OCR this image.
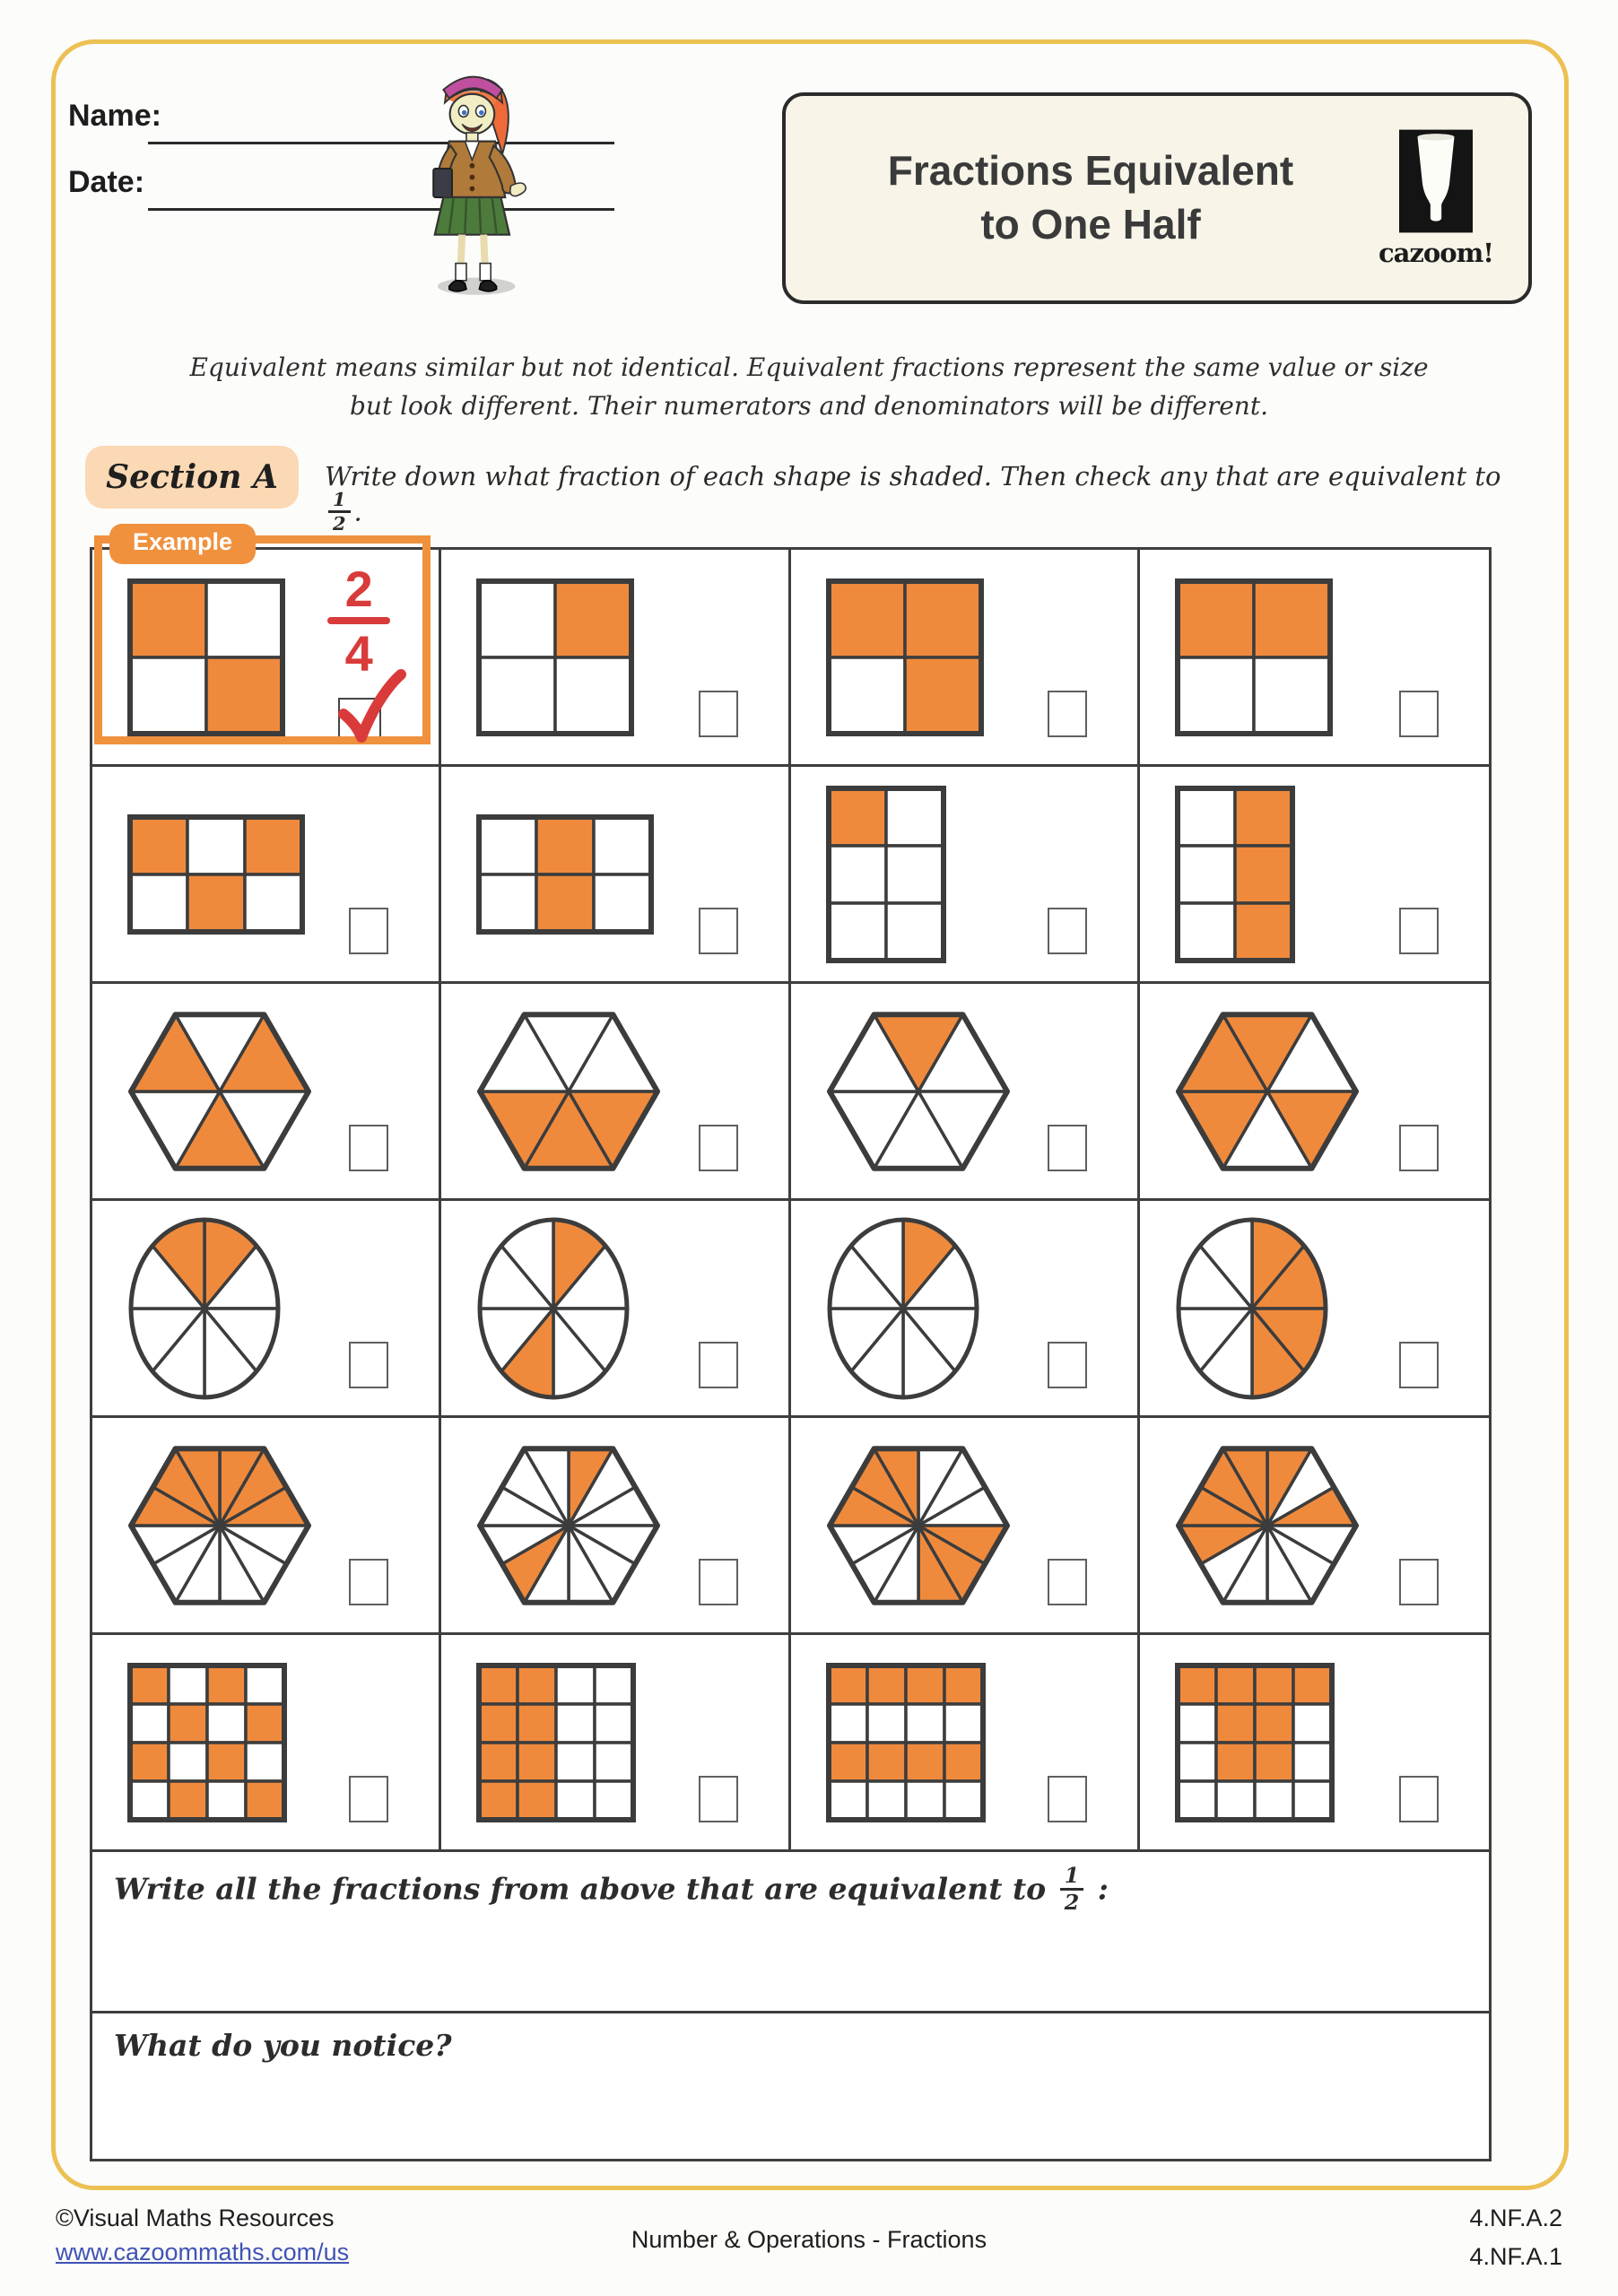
Name:
Date:	Fractions Equivalent
to One Half
cazoom!
Equivalent means similar but not identical. Equivalent fractions represent the same value or size
but look different. Their numerators and denominators will be different.
Section A	Write down what fraction of each shape is shaded. Then check any that are equivalent to
$\frac{1}{2}$ .
Example
2
4
Write all the fractions from above that are equivalent to $\frac{1}{2}$ :
What do you notice?
©Visual Maths Resources
www.cazoommaths.com/us	Number & Operations - Fractions
4.NF.A.2
4.NF.A.1
